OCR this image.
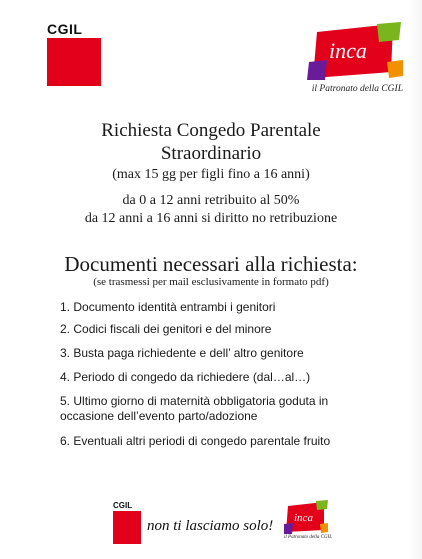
CGIL
inca
il Patronato della CGIL
Richiesta Congedo Parentale
Straordinario
(max 15 gg per figli fino a 16 anni)
da 0 a 12 anni retribuito al 50%
da 12 anni a 16 anni si diritto no retribuzione
Documenti necessari alla richiesta:
(se trasmessi per mail esclusivamente in formato pdf)
1. Documento identità entrambi i genitori
2. Codici fiscali dei genitori e del minore
3. Busta paga richiedente e dell’ altro genitore
4. Periodo di congedo da richiedere (dal…al…)
5. Ultimo giorno di maternità obbligatoria goduta in occasione dell’evento parto/adozione
6. Eventuali altri periodi di congedo parentale fruito
CGIL
non ti lasciamo solo! inca
il Patronato della CGIL
